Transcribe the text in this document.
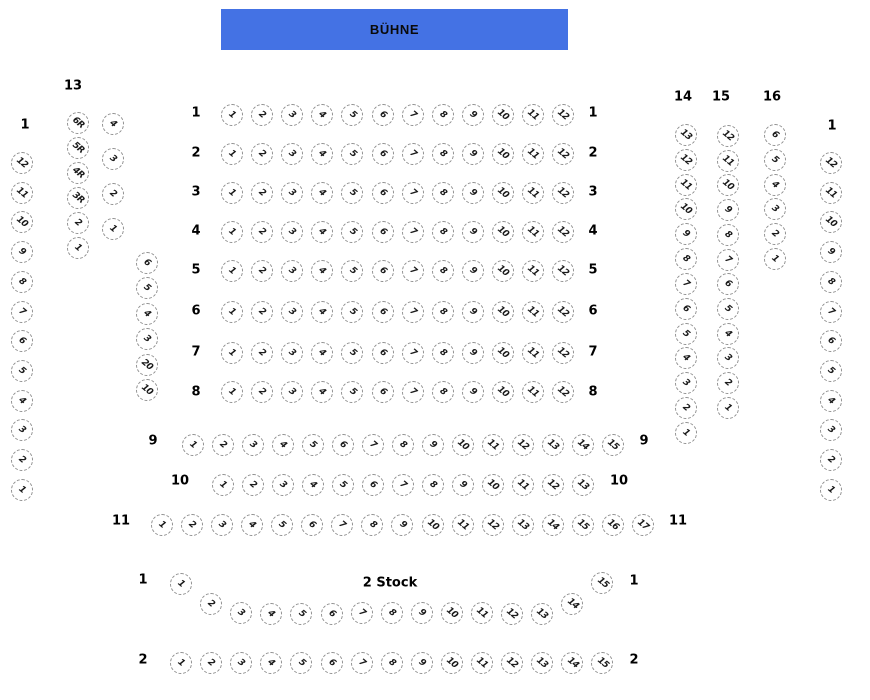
BÜHNE
1
13
1	1
2	2
3	3
4	4
5	5
6	6
7	7
8	8
9	9
10	10
11	11
14 15	16
1
2 Stock
1	1
2	2
12
11
10
9
8
7
6
5
4
3
2
1
6R
5R
4R
3R
2
1
4
3
2
1
6
5
4
3
20
10
1 2 3 4 5 6 7 8 9 10 11 12
1 2 3 4 5 6 7 8 9 10 11 12
1 2 3 4 5 6 7 8 9 10 11 12
1 2 3 4 5 6 7 8 9 10 11 12
1 2 3 4 5 6 7 8 9 10 11 12
1 2 3 4 5 6 7 8 9 10 11 12
1 2 3 4 5 6 7 8 9 10 11 12
1 2 3 4 5 6 7 8 9 10 11 12
1 2 3 4 5 6 7 8 9 10 11 12 13 14 15
1 2 3 4 5 6 7 8 9 10 11 12 13
1 2 3 4 5 6 7 8 9 10 11 12 13 14 15 16 17
13
12
11
10
9
8
7
6
5
4
3
2
1
12
11
10
9
8
7
6
5
4
3
2
1
6
5
4
3
2
1
12
11
10
9
8
7
6
5
4
3
2
1
1
2
3 4 5 6 7 8 9 10 11 12 13
14
15
1 2 3 4 5 6 7 8 9 10 11 12 13 14 15
